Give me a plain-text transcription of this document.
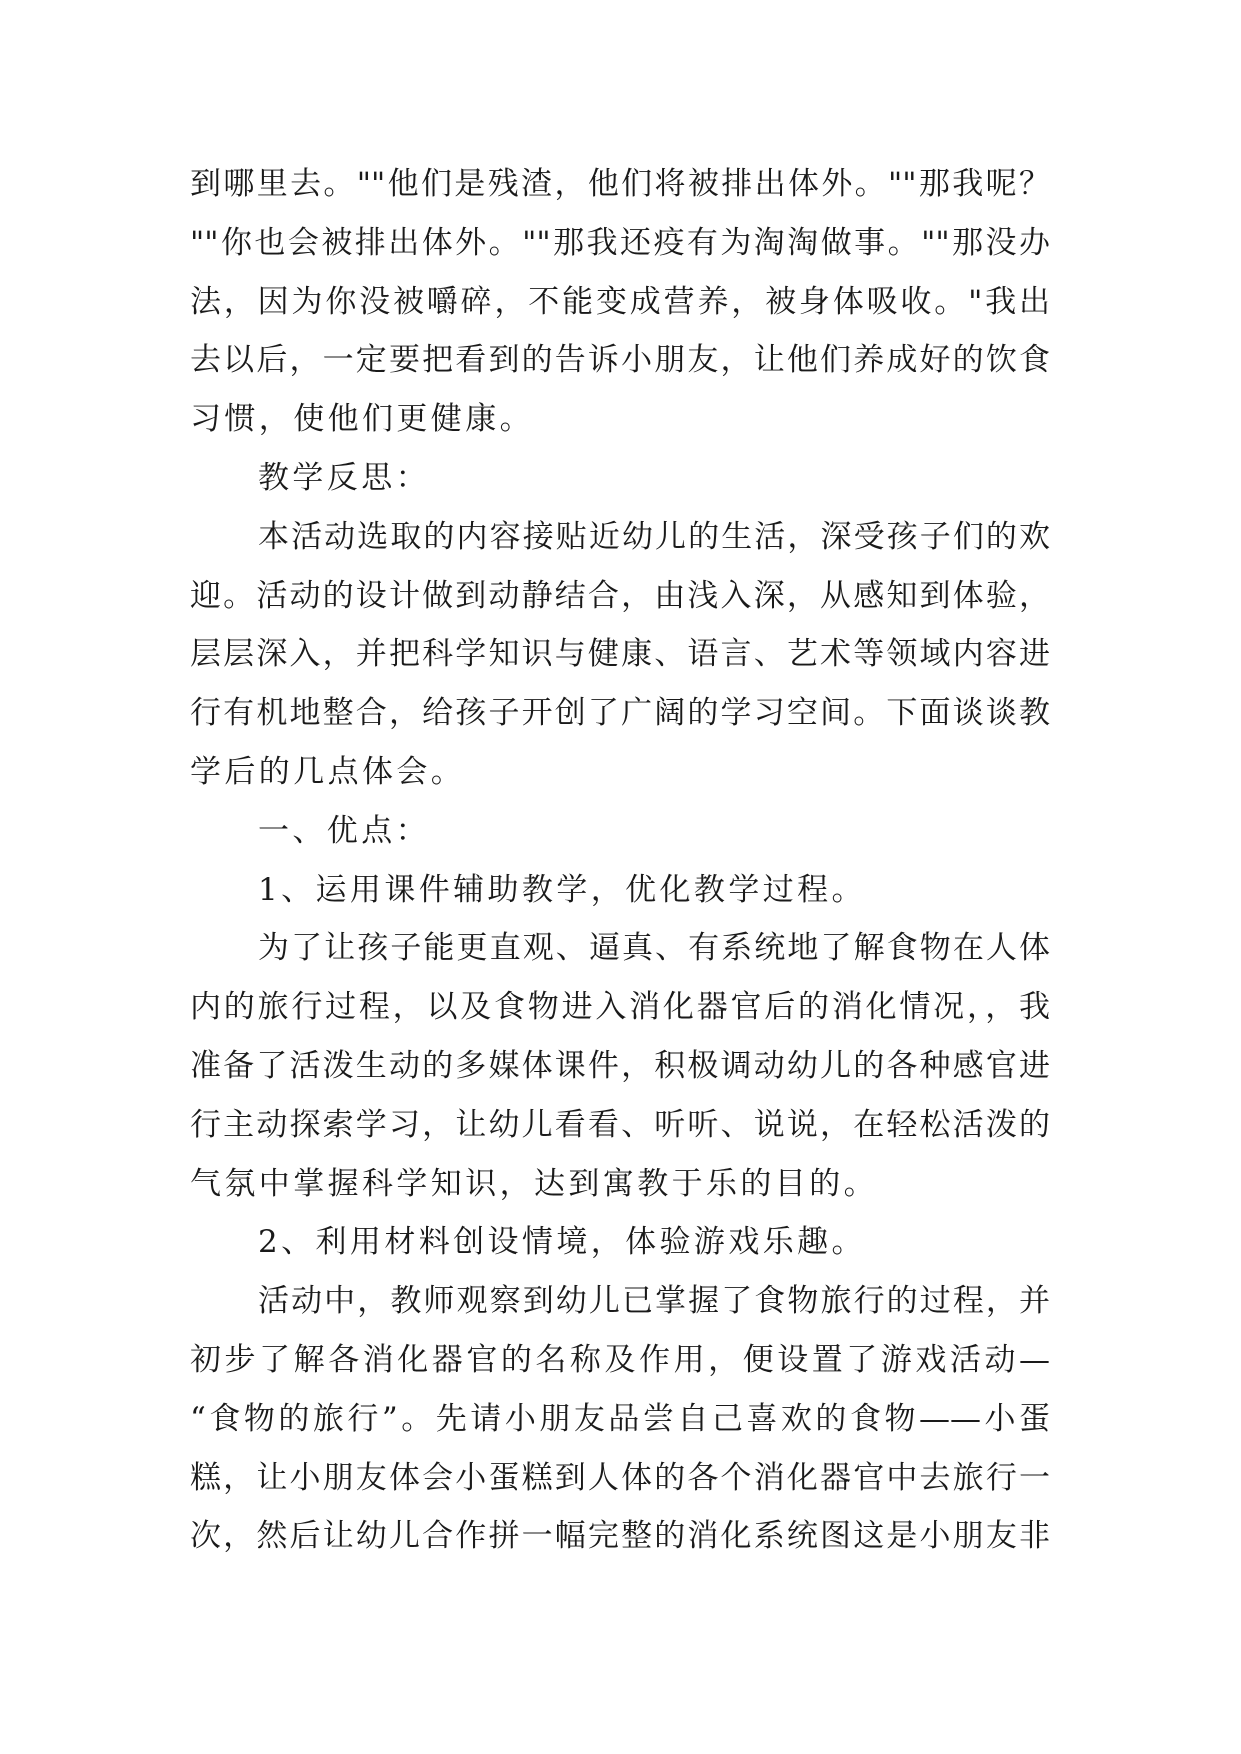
到哪里去。""他们是残渣，他们将被排出体外。""那我呢？
""你也会被排出体外。""那我还疫有为淘淘做事。""那没办
法，因为你没被嚼碎，不能变成营养，被身体吸收。"我出
去以后，一定要把看到的告诉小朋友，让他们养成好的饮食
习惯，使他们更健康。
教学反思：
本活动选取的内容接贴近幼儿的生活，深受孩子们的欢
迎。活动的设计做到动静结合，由浅入深，从感知到体验，
层层深入，并把科学知识与健康、语言、艺术等领域内容进
行有机地整合，给孩子开创了广阔的学习空间。下面谈谈教
学后的几点体会。
一、优点：
1、运用课件辅助教学，优化教学过程。
为了让孩子能更直观、逼真、有系统地了解食物在人体
内的旅行过程，以及食物进入消化器官后的消化情况，，我
准备了活泼生动的多媒体课件，积极调动幼儿的各种感官进
行主动探索学习，让幼儿看看、听听、说说，在轻松活泼的
气氛中掌握科学知识，达到寓教于乐的目的。
2、利用材料创设情境，体验游戏乐趣。
活动中，教师观察到幼儿已掌握了食物旅行的过程，并
初步了解各消化器官的名称及作用，便设置了游戏活动—
“食物的旅行”。先请小朋友品尝自己喜欢的食物——小蛋
糕，让小朋友体会小蛋糕到人体的各个消化器官中去旅行一
次，然后让幼儿合作拼一幅完整的消化系统图这是小朋友非
